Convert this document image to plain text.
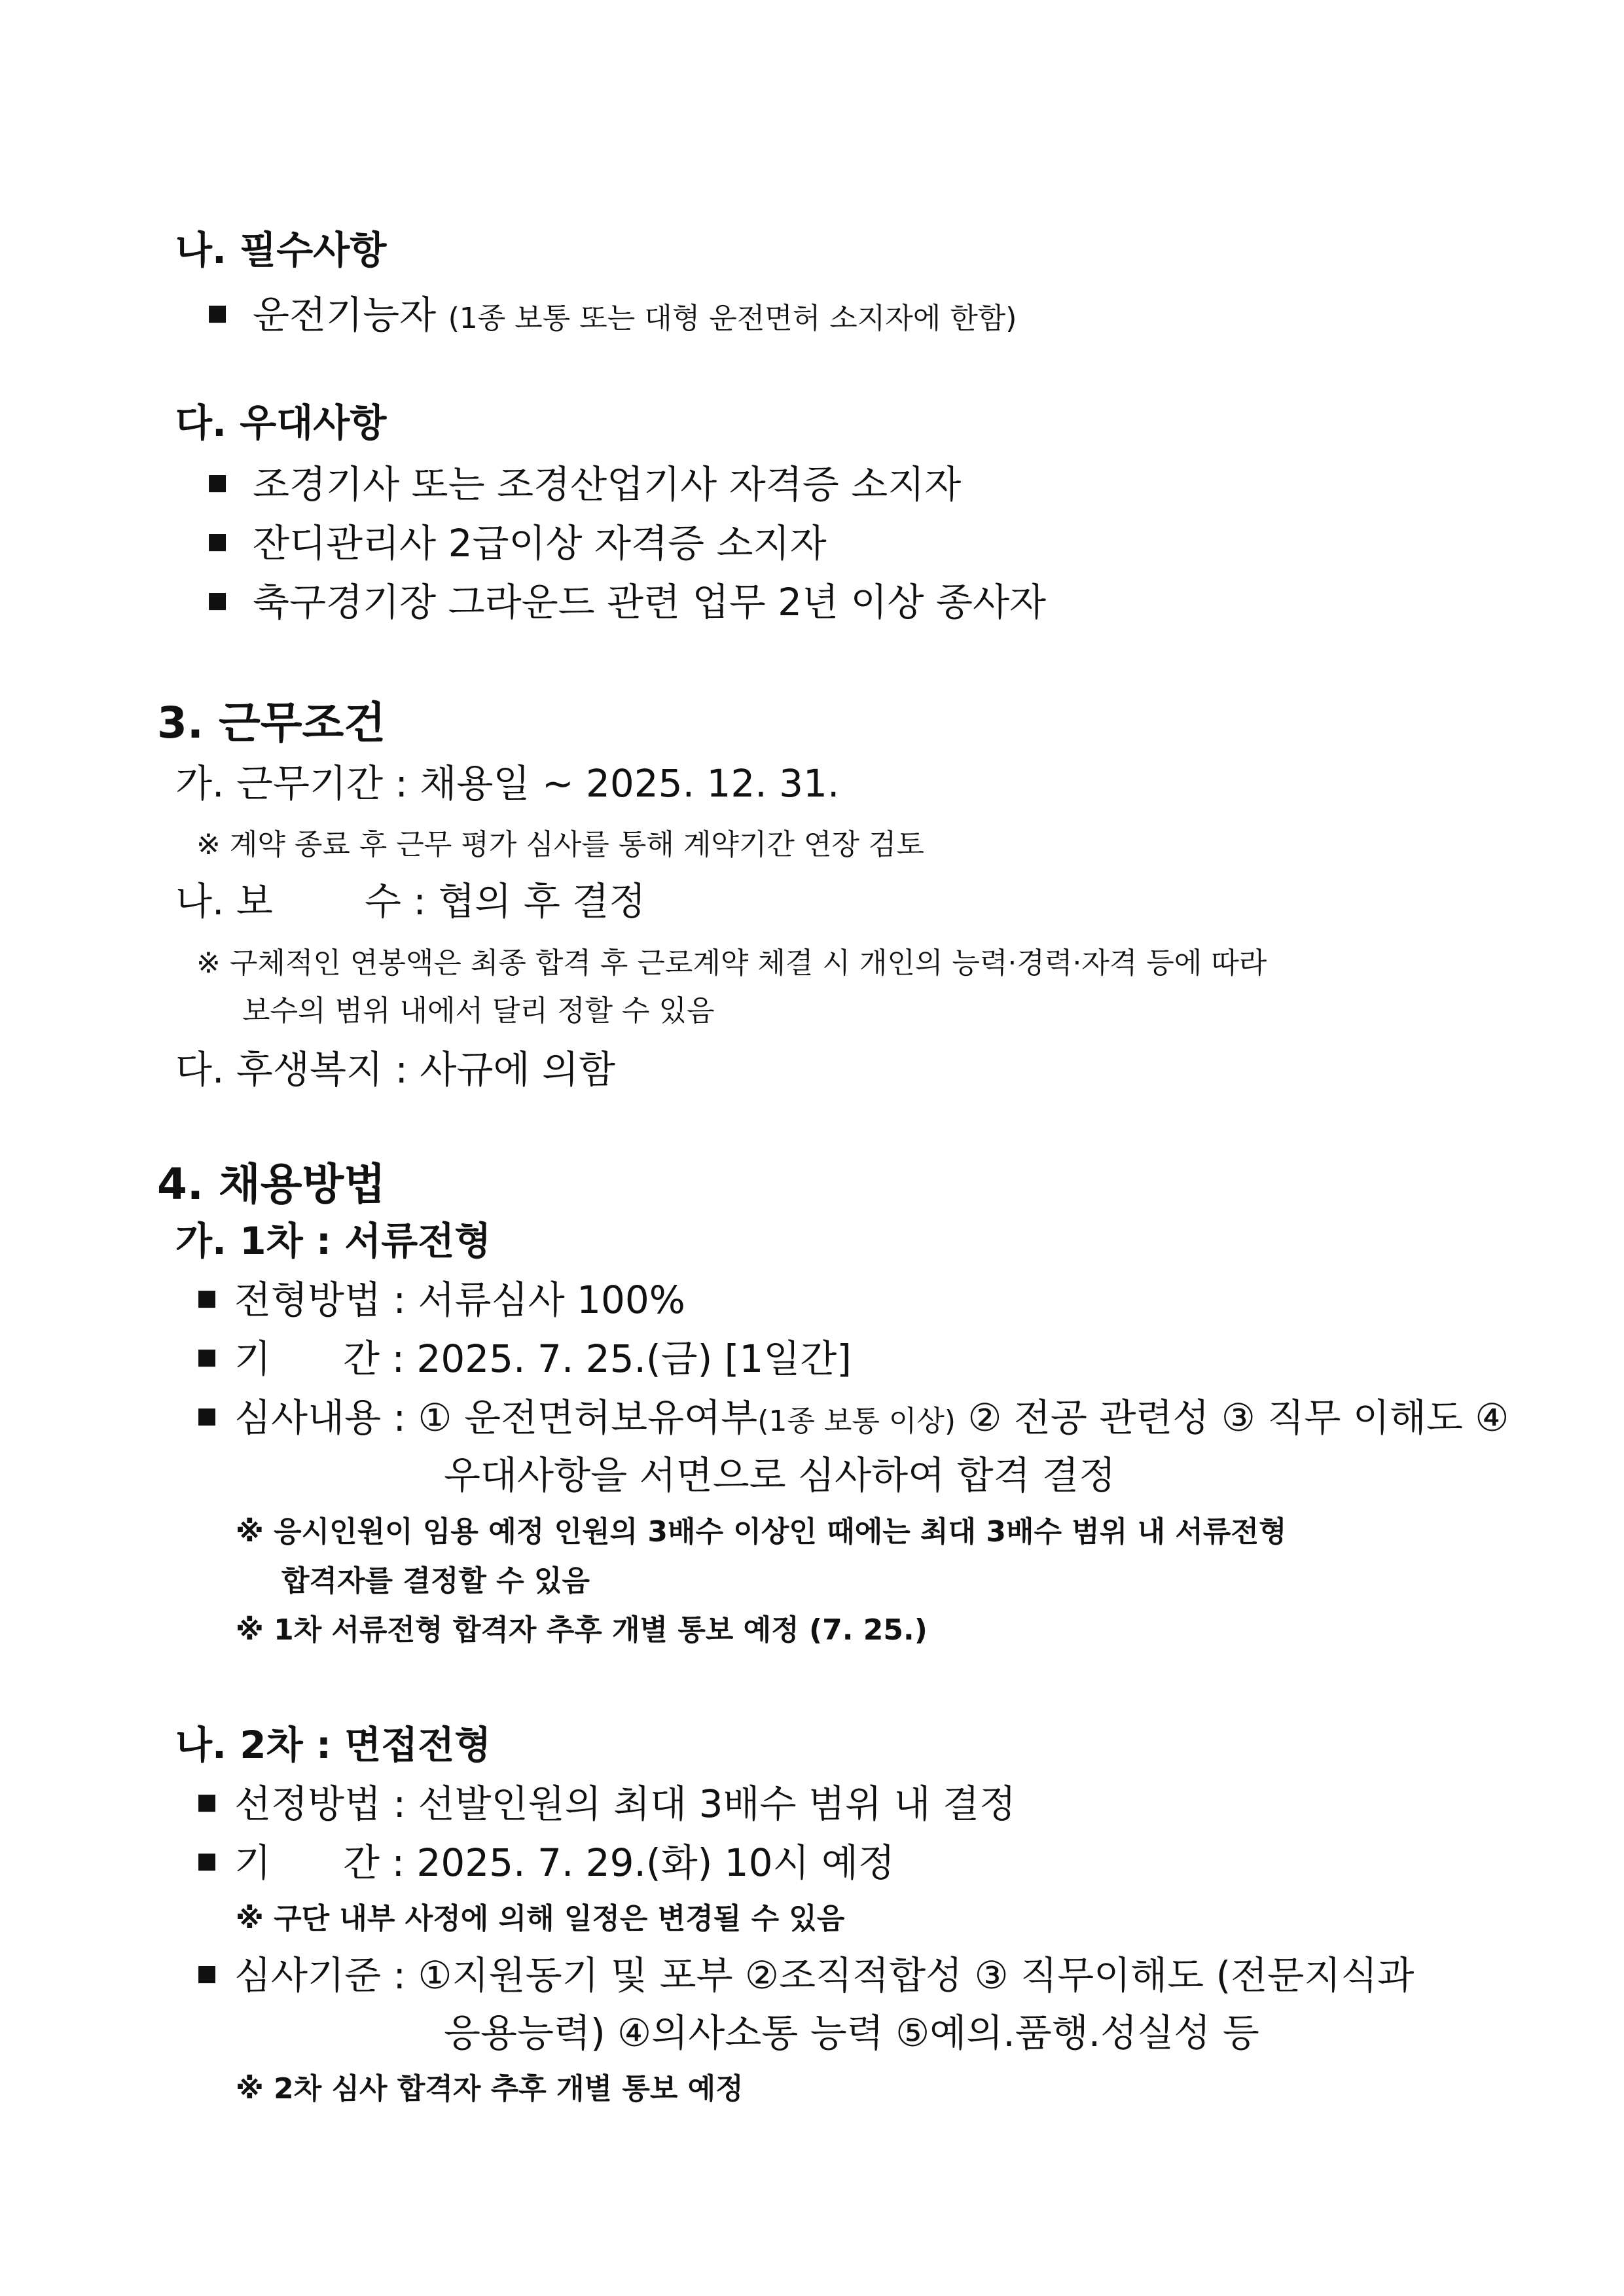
나. 필수사항
■ 운전기능자 (1종 보통 또는 대형 운전면허 소지자에 한함)
다. 우대사항
■ 조경기사 또는 조경산업기사 자격증 소지자
■ 잔디관리사 2급이상 자격증 소지자
■ 축구경기장 그라운드 관련 업무 2년 이상 종사자
3. 근무조건
가. 근무기간 : 채용일 ~ 2025. 12. 31.
※ 계약 종료 후 근무 평가 심사를 통해 계약기간 연장 검토
나. 보 수 : 협의 후 결정
※ 구체적인 연봉액은 최종 합격 후 근로계약 체결 시 개인의 능력·경력·자격 등에 따라
보수의 범위 내에서 달리 정할 수 있음
다. 후생복지 : 사규에 의함
4. 채용방법
가. 1차 : 서류전형
■ 전형방법 : 서류심사 100%
■ 기 간 : 2025. 7. 25.(금) [1일간]
■ 심사내용 : ① 운전면허보유여부(1종 보통 이상) ② 전공 관련성 ③ 직무 이해도 ④
우대사항을 서면으로 심사하여 합격 결정
※ 응시인원이 임용 예정 인원의 3배수 이상인 때에는 최대 3배수 범위 내 서류전형
합격자를 결정할 수 있음
※ 1차 서류전형 합격자 추후 개별 통보 예정 (7. 25.)
나. 2차 : 면접전형
■ 선정방법 : 선발인원의 최대 3배수 범위 내 결정
■ 기 간 : 2025. 7. 29.(화) 10시 예정
※ 구단 내부 사정에 의해 일정은 변경될 수 있음
■ 심사기준 : ①지원동기 및 포부 ②조직적합성 ③ 직무이해도 (전문지식과
응용능력) ④의사소통 능력 ⑤예의.품행.성실성 등
※ 2차 심사 합격자 추후 개별 통보 예정
